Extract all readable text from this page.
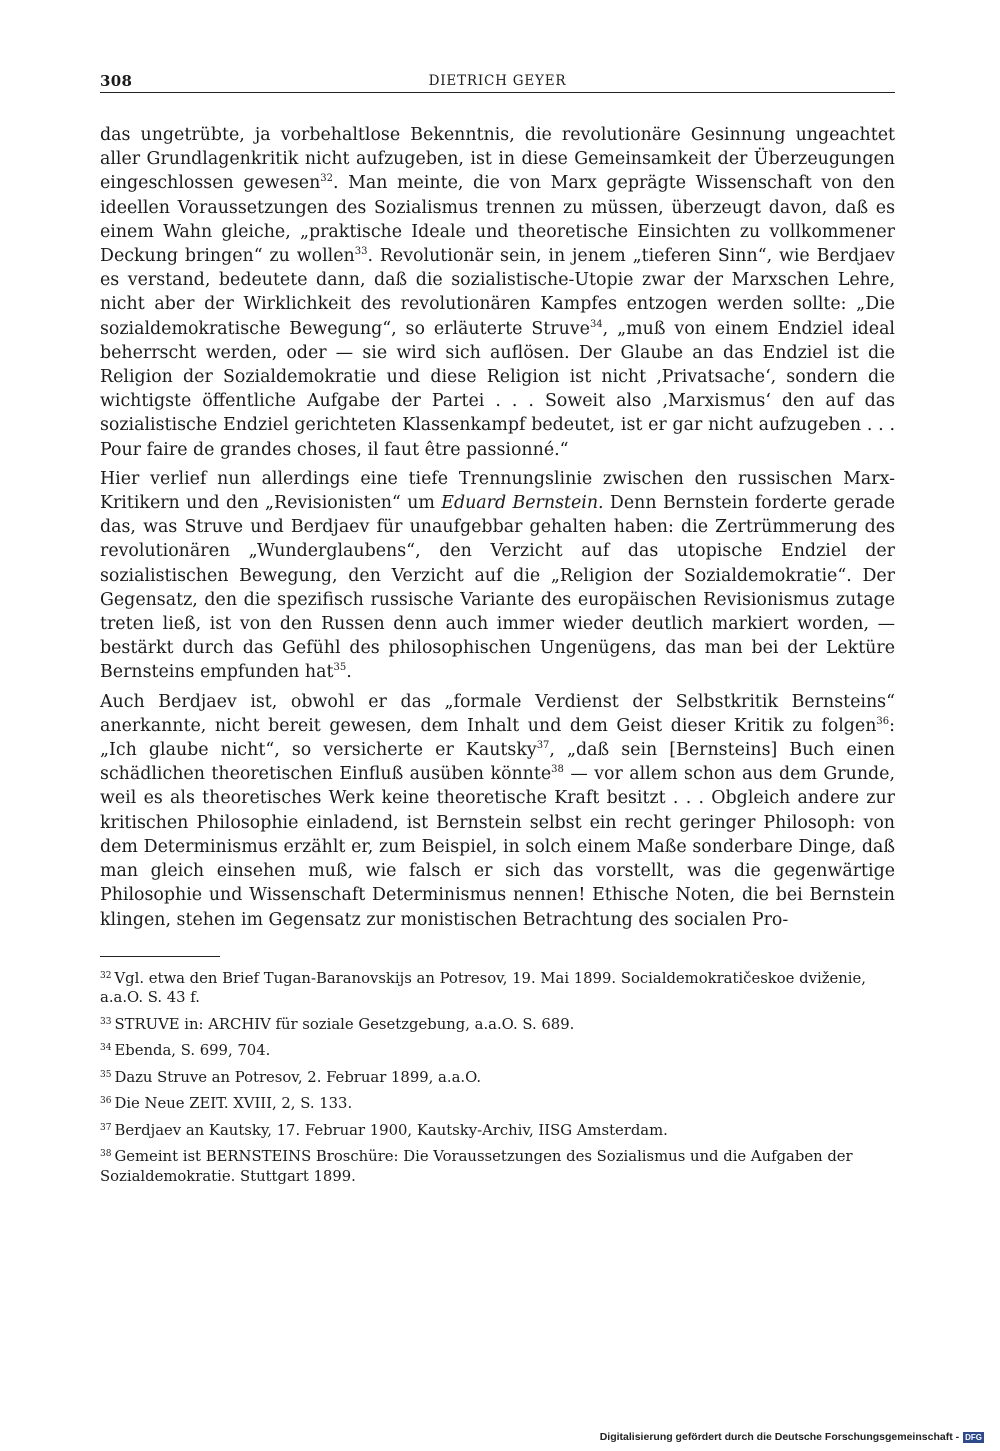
308	DIETRICH GEYER

das ungetrübte, ja vorbehaltlose Bekenntnis, die revolutionäre Gesinnung ungeachtet aller Grundlagenkritik nicht aufzugeben, ist in diese Gemeinsamkeit der Überzeugungen eingeschlossen gewesen$^{32}$. Man meinte, die von Marx geprägte Wissenschaft von den ideellen Voraussetzungen des Sozialismus trennen zu müssen, überzeugt davon, daß es einem Wahn gleiche, „praktische Ideale und theoretische Einsichten zu vollkommener Deckung bringen“ zu wollen$^{33}$. Revolutionär sein, in jenem „tieferen Sinn“, wie Berdjaev es verstand, bedeutete dann, daß die sozialistische-Utopie zwar der Marxschen Lehre, nicht aber der Wirklichkeit des revolutionären Kampfes entzogen werden sollte: „Die sozialdemokratische Bewegung“, so erläuterte Struve$^{34}$, „muß von einem Endziel ideal beherrscht werden, oder — sie wird sich auflösen. Der Glaube an das Endziel ist die Religion der Sozialdemokratie und diese Religion ist nicht ‚Privatsache‘, sondern die wichtigste öffentliche Aufgabe der Partei . . . Soweit also ‚Marxismus‘ den auf das sozialistische Endziel gerichteten Klassenkampf bedeutet, ist er gar nicht aufzugeben . . . Pour faire de grandes choses, il faut être passionné.“

Hier verlief nun allerdings eine tiefe Trennungslinie zwischen den russischen Marx-Kritikern und den „Revisionisten“ um Eduard Bernstein. Denn Bernstein forderte gerade das, was Struve und Berdjaev für unaufgebbar gehalten haben: die Zertrümmerung des revolutionären „Wunderglaubens“, den Verzicht auf das utopische Endziel der sozialistischen Bewegung, den Verzicht auf die „Religion der Sozialdemokratie“. Der Gegensatz, den die spezifisch russische Variante des europäischen Revisionismus zutage treten ließ, ist von den Russen denn auch immer wieder deutlich markiert worden, — bestärkt durch das Gefühl des philosophischen Ungenügens, das man bei der Lektüre Bernsteins empfunden hat$^{35}$.

Auch Berdjaev ist, obwohl er das „formale Verdienst der Selbstkritik Bernsteins“ anerkannte, nicht bereit gewesen, dem Inhalt und dem Geist dieser Kritik zu folgen$^{36}$: „Ich glaube nicht“, so versicherte er Kautsky$^{37}$, „daß sein [Bernsteins] Buch einen schädlichen theoretischen Einfluß ausüben könnte$^{38}$ — vor allem schon aus dem Grunde, weil es als theoretisches Werk keine theoretische Kraft besitzt . . . Obgleich andere zur kritischen Philosophie einladend, ist Bernstein selbst ein recht geringer Philosoph: von dem Determinismus erzählt er, zum Beispiel, in solch einem Maße sonderbare Dinge, daß man gleich einsehen muß, wie falsch er sich das vorstellt, was die gegenwärtige Philosophie und Wissenschaft Determinismus nennen! Ethische Noten, die bei Bernstein klingen, stehen im Gegensatz zur monistischen Betrachtung des socialen Pro-

$^{32}$ Vgl. etwa den Brief Tugan-Baranovskijs an Potresov, 19. Mai 1899. Socialdemokratičeskoe dviženie, a.a.O. S. 43 f.

$^{33}$ STRUVE in: ARCHIV für soziale Gesetzgebung, a.a.O. S. 689.

$^{34}$ Ebenda, S. 699, 704.

$^{35}$ Dazu Struve an Potresov, 2. Februar 1899, a.a.O.

$^{36}$ Die Neue ZEIT. XVIII, 2, S. 133.

$^{37}$ Berdjaev an Kautsky, 17. Februar 1900, Kautsky-Archiv, IISG Amsterdam.

$^{38}$ Gemeint ist BERNSTEINS Broschüre: Die Voraussetzungen des Sozialismus und die Aufgaben der Sozialdemokratie. Stuttgart 1899.

Digitalisierung gefördert durch die Deutsche Forschungsgemeinschaft - DFG
